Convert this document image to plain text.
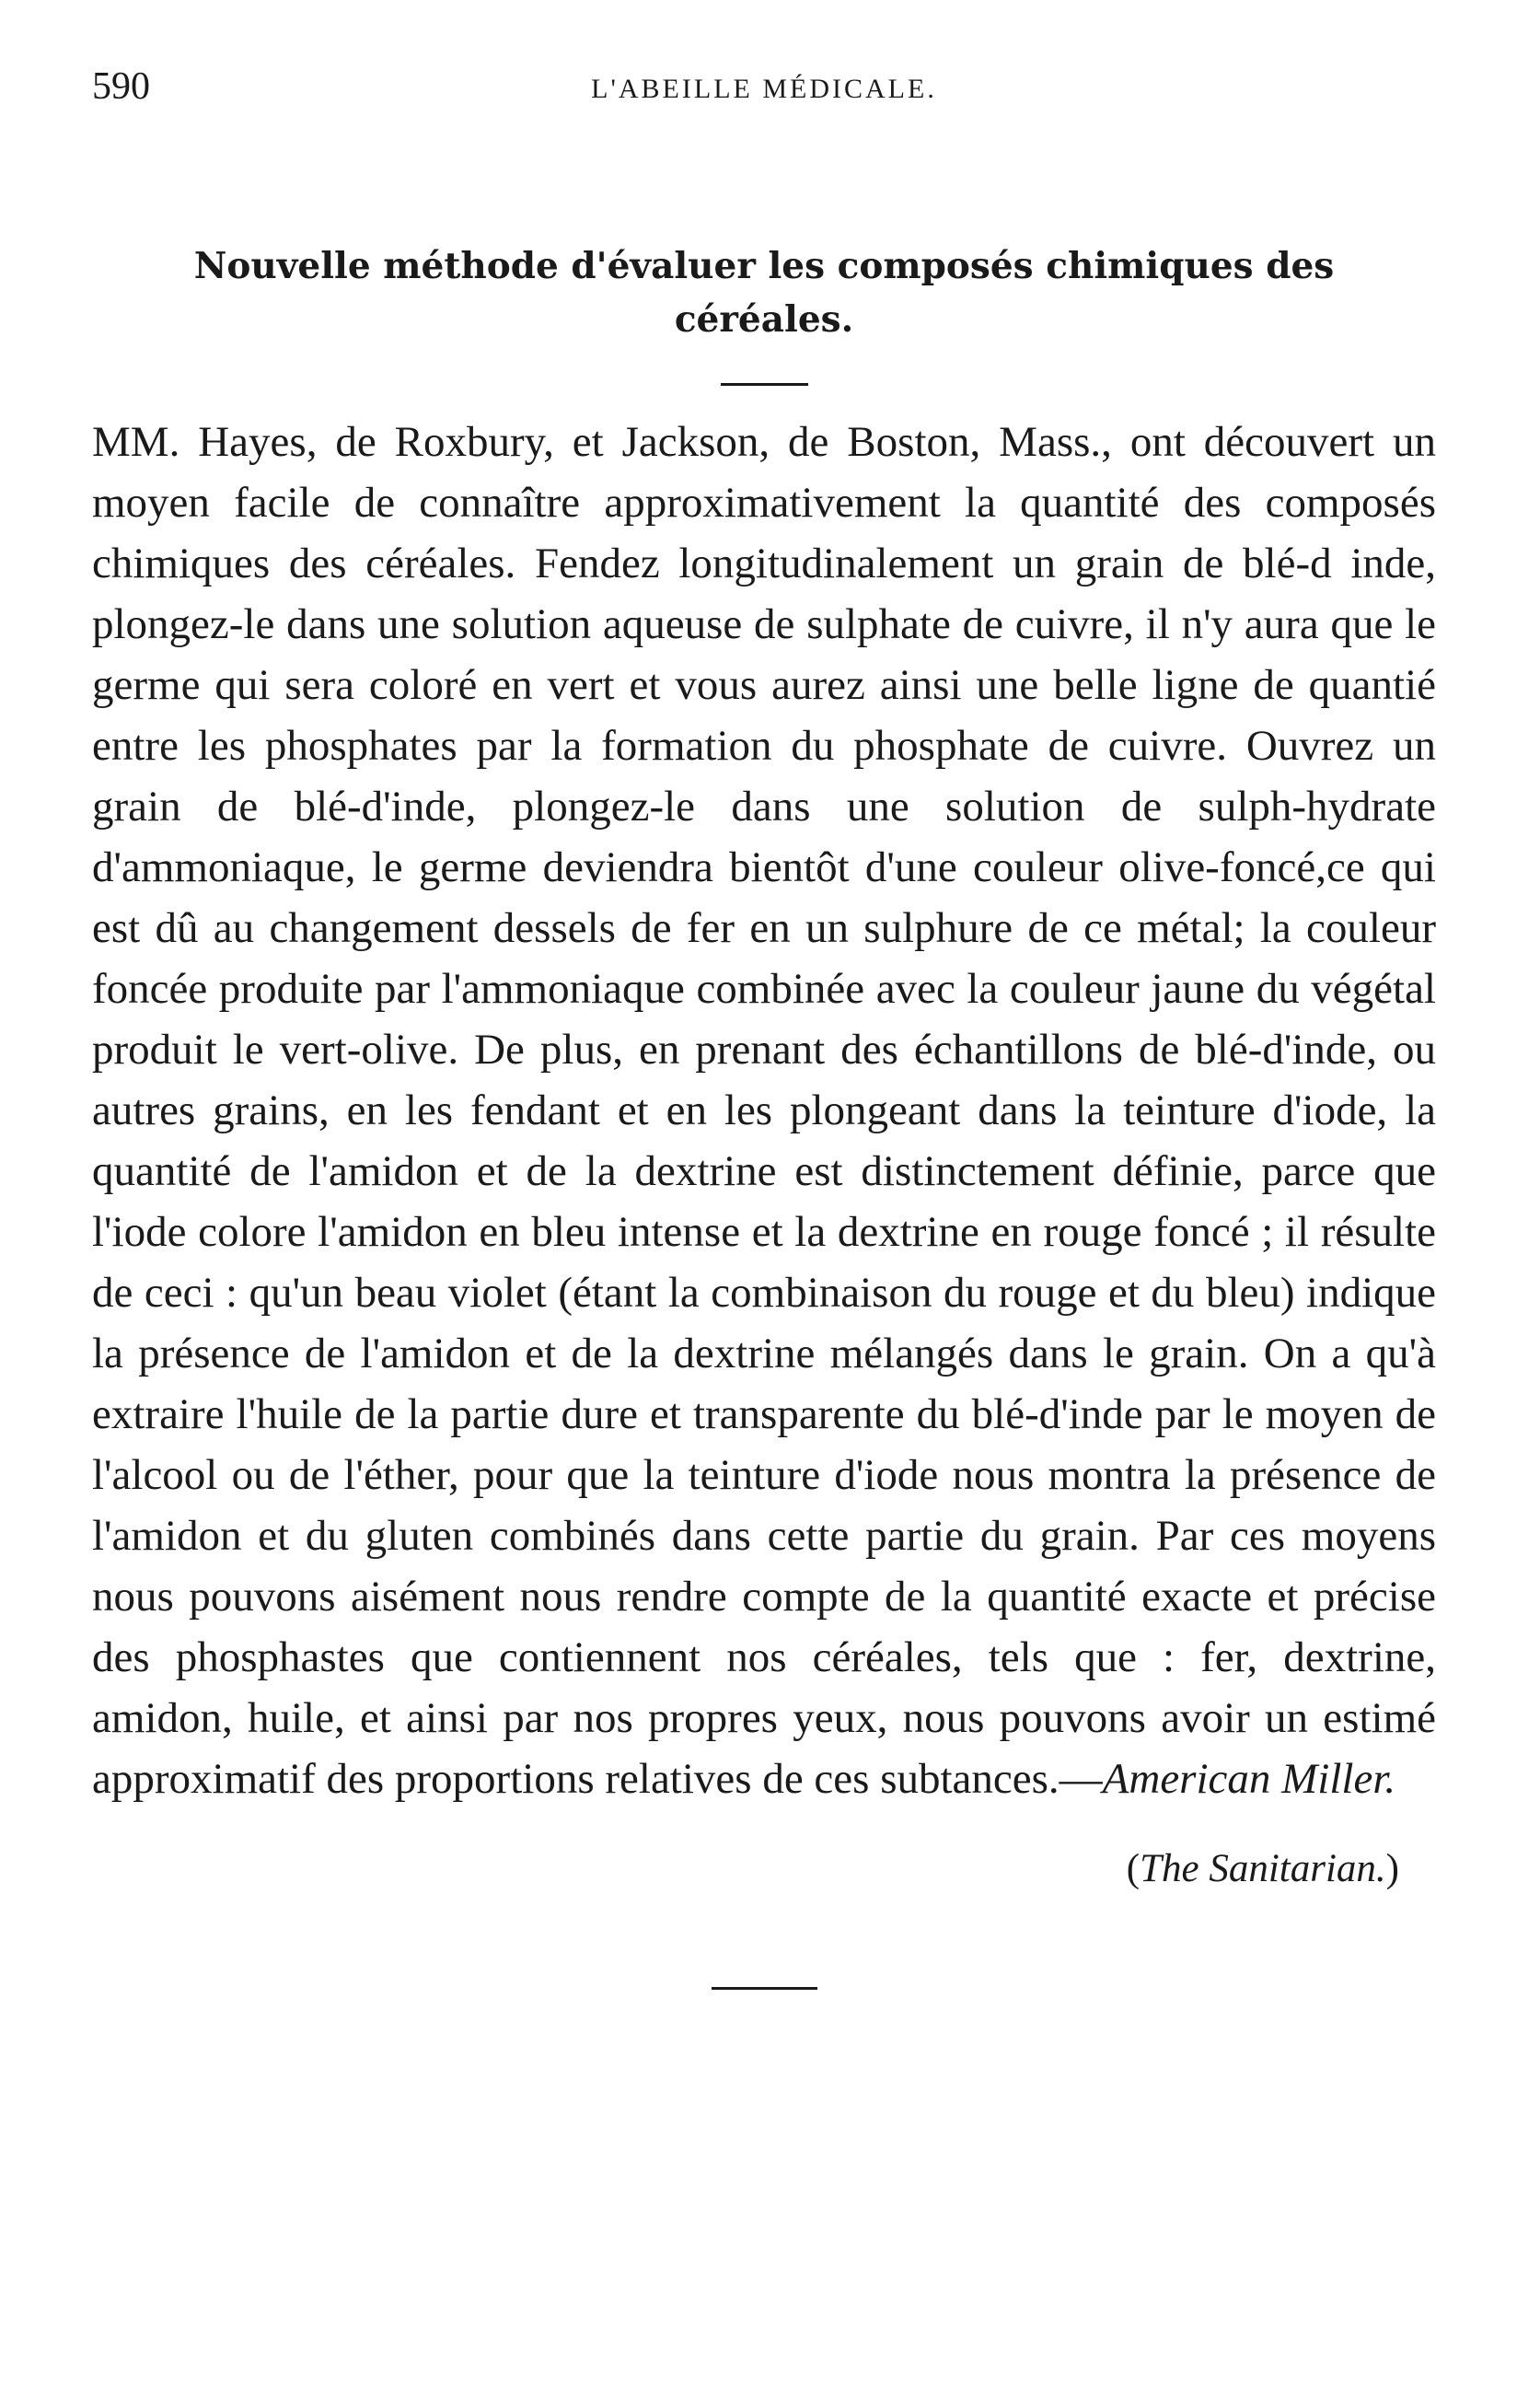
590	L'ABEILLE MÉDICALE.
Nouvelle méthode d'évaluer les composés chimiques des céréales.

MM. Hayes, de Roxbury, et Jackson, de Boston, Mass., ont découvert un moyen facile de connaître approximativement la quantité des composés chimiques des céréales. Fendez longitudinalement un grain de blé-d inde, plongez-le dans une solution aqueuse de sulphate de cuivre, il n'y aura que le germe qui sera coloré en vert et vous aurez ainsi une belle ligne de quantié entre les phosphates par la formation du phosphate de cuivre. Ouvrez un grain de blé-d'inde, plongez-le dans une solution de sulph-hydrate d'ammoniaque, le germe deviendra bientôt d'une couleur olive-foncé,ce qui est dû au changement dessels de fer en un sulphure de ce métal; la couleur foncée produite par l'ammoniaque combinée avec la couleur jaune du végétal produit le vert-olive. De plus, en prenant des échantillons de blé-d'inde, ou autres grains, en les fendant et en les plongeant dans la teinture d'iode, la quantité de l'amidon et de la dextrine est distinctement définie, parce que l'iode colore l'amidon en bleu intense et la dextrine en rouge foncé ; il résulte de ceci : qu'un beau violet (étant la combinaison du rouge et du bleu) indique la présence de l'amidon et de la dextrine mélangés dans le grain. On a qu'à extraire l'huile de la partie dure et transparente du blé-d'inde par le moyen de l'alcool ou de l'éther, pour que la teinture d'iode nous montra la présence de l'amidon et du gluten combinés dans cette partie du grain. Par ces moyens nous pouvons aisément nous rendre compte de la quantité exacte et précise des phosphastes que contiennent nos céréales, tels que : fer, dextrine, amidon, huile, et ainsi par nos propres yeux, nous pouvons avoir un estimé approximatif des proportions relatives de ces subtances.—American Miller.

(The Sanitarian.)
